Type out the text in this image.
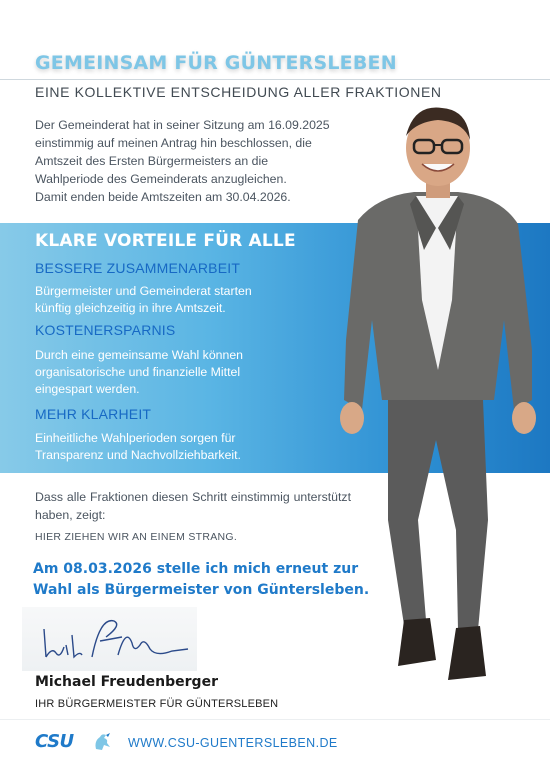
GEMEINSAM FÜR GÜNTERSLEBEN
EINE KOLLEKTIVE ENTSCHEIDUNG ALLER FRAKTIONEN
Der Gemeinderat hat in seiner Sitzung am 16.09.2025
einstimmig auf meinen Antrag hin beschlossen, die
Amtszeit des Ersten Bürgermeisters an die
Wahlperiode des Gemeinderats anzugleichen.
Damit enden beide Amtszeiten am 30.04.2026.
KLARE VORTEILE FÜR ALLE
BESSERE ZUSAMMENARBEIT
Bürgermeister und Gemeinderat starten
künftig gleichzeitig in ihre Amtszeit.
KOSTENERSPARNIS
Durch eine gemeinsame Wahl können
organisatorische und finanzielle Mittel
eingespart werden.
MEHR KLARHEIT
Einheitliche Wahlperioden sorgen für
Transparenz und Nachvollziehbarkeit.
Dass alle Fraktionen diesen Schritt einstimmig unterstützt haben, zeigt:
HIER ZIEHEN WIR AN EINEM STRANG.
Am 08.03.2026 stelle ich mich erneut zur
Wahl als Bürgermeister von Güntersleben.
Michael Freudenberger
IHR BÜRGERMEISTER FÜR GÜNTERSLEBEN
CSU	WWW.CSU-GUENTERSLEBEN.DE
